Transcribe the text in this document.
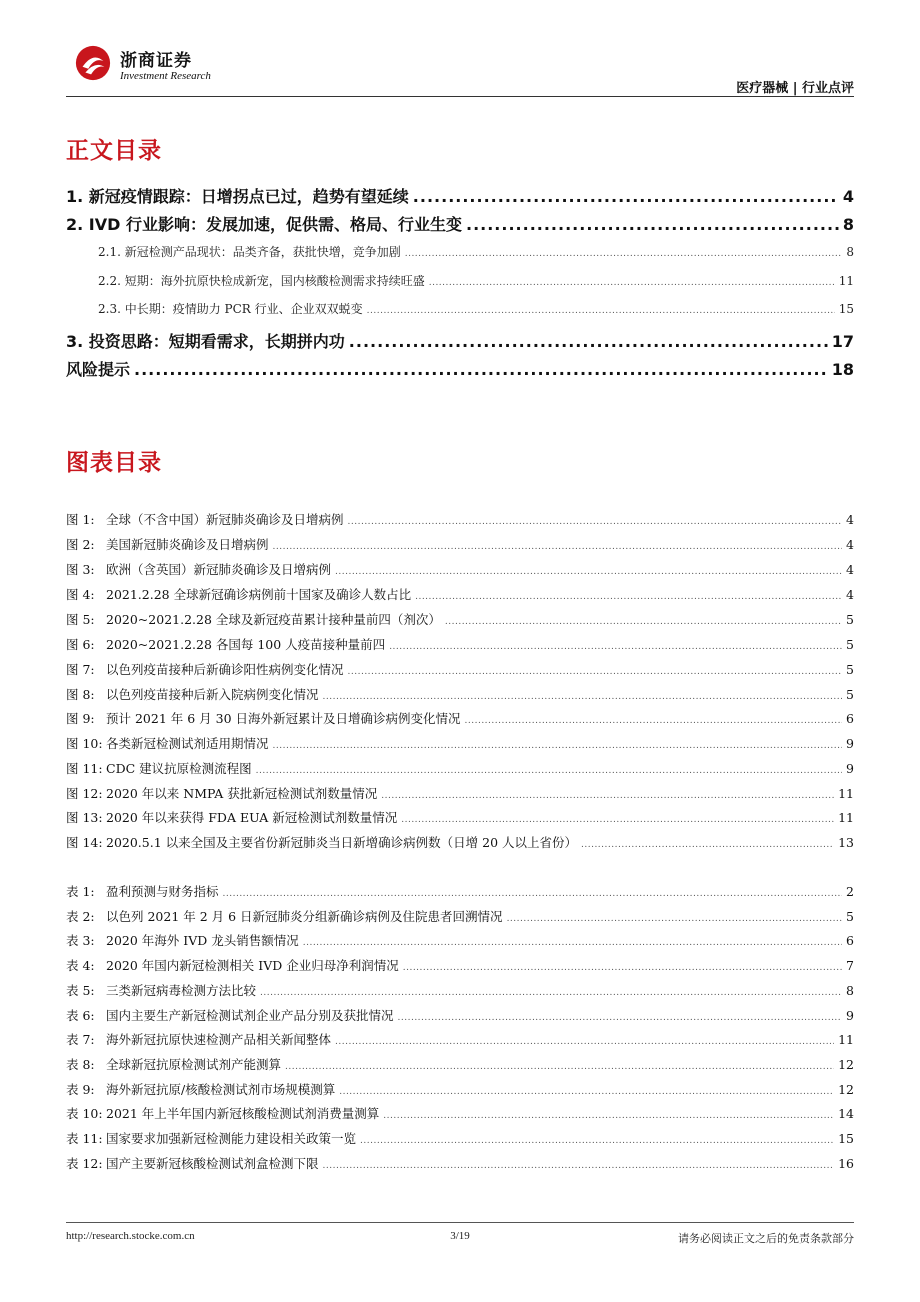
浙商证券
Investment Research
医疗器械 | 行业点评
正文目录
1. 新冠疫情跟踪：日增拐点已过，趋势有望延续 .....	4
2. IVD 行业影响：发展加速，促供需、格局、行业生变 .....	8
2.1. 新冠检测产品现状：品类齐备，获批快增，竞争加剧 .....	8
2.2. 短期：海外抗原快检成新宠，国内核酸检测需求持续旺盛 .....	11
2.3. 中长期：疫情助力 PCR 行业、企业双双蜕变 .....	15
3. 投资思路：短期看需求，长期拼内功 .....	17
风险提示 .....	18
图表目录
图 1: 全球（不含中国）新冠肺炎确诊及日增病例 .....	4
图 2: 美国新冠肺炎确诊及日增病例 .....	4
图 3: 欧洲（含英国）新冠肺炎确诊及日增病例 .....	4
图 4: 2021.2.28 全球新冠确诊病例前十国家及确诊人数占比 .....	4
图 5: 2020~2021.2.28 全球及新冠疫苗累计接种量前四（剂次） .....	5
图 6: 2020~2021.2.28 各国每 100 人疫苗接种量前四 .....	5
图 7: 以色列疫苗接种后新确诊阳性病例变化情况 .....	5
图 8: 以色列疫苗接种后新入院病例变化情况 .....	5
图 9: 预计 2021 年 6 月 30 日海外新冠累计及日增确诊病例变化情况 .....	6
图 10: 各类新冠检测试剂适用期情况 .....	9
图 11: CDC 建议抗原检测流程图 .....	9
图 12: 2020 年以来 NMPA 获批新冠检测试剂数量情况 .....	11
图 13: 2020 年以来获得 FDA EUA 新冠检测试剂数量情况 .....	11
图 14: 2020.5.1 以来全国及主要省份新冠肺炎当日新增确诊病例数（日增 20 人以上省份） .....	13
表 1: 盈利预测与财务指标 .....	2
表 2: 以色列 2021 年 2 月 6 日新冠肺炎分组新确诊病例及住院患者回溯情况 .....	5
表 3: 2020 年海外 IVD 龙头销售额情况 .....	6
表 4: 2020 年国内新冠检测相关 IVD 企业归母净利润情况 .....	7
表 5: 三类新冠病毒检测方法比较 .....	8
表 6: 国内主要生产新冠检测试剂企业产品分别及获批情况 .....	9
表 7: 海外新冠抗原快速检测产品相关新闻整体 .....	11
表 8: 全球新冠抗原检测试剂产能测算 .....	12
表 9: 海外新冠抗原/核酸检测试剂市场规模测算 .....	12
表 10: 2021 年上半年国内新冠核酸检测试剂消费量测算 .....	14
表 11: 国家要求加强新冠检测能力建设相关政策一览 .....	15
表 12: 国产主要新冠核酸检测试剂盒检测下限 .....	16
http://research.stocke.com.cn	3/19	请务必阅读正文之后的免责条款部分
